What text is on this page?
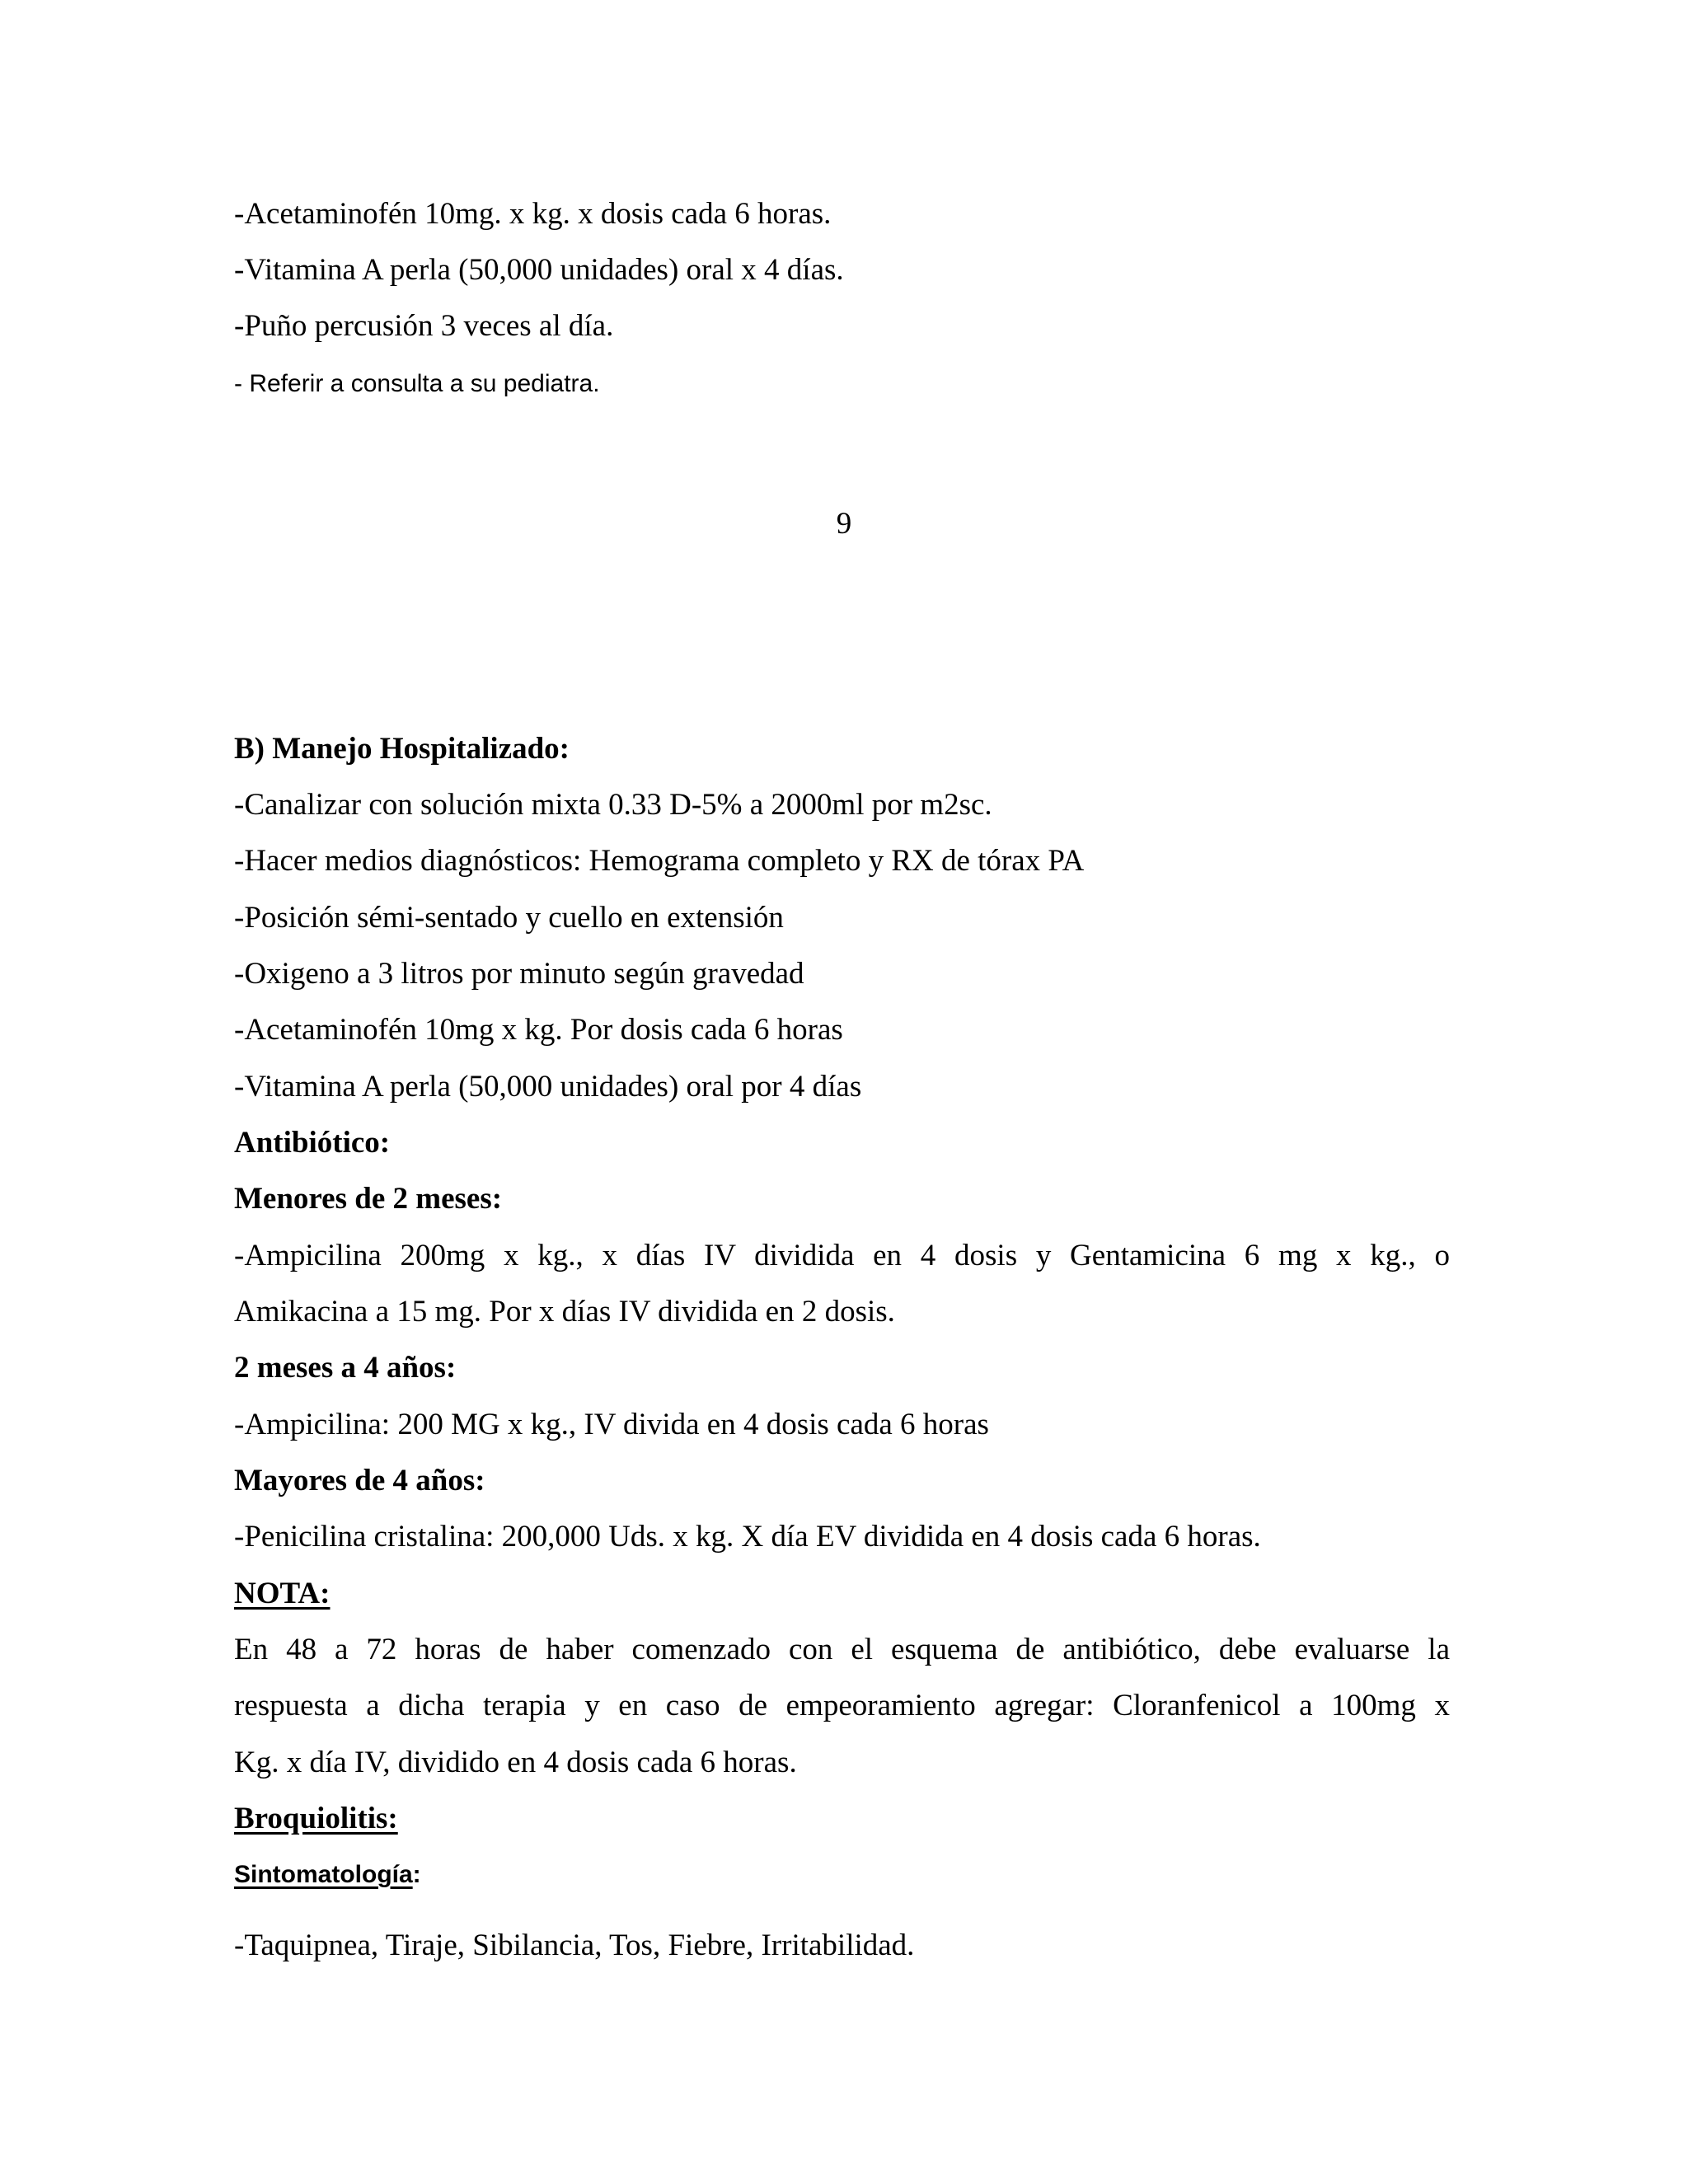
-Acetaminofén 10mg. x kg. x dosis cada 6 horas.

-Vitamina A perla (50,000 unidades) oral x 4 días.

-Puño percusión 3 veces al día.

- Referir a consulta a su pediatra.

9

B) Manejo Hospitalizado:

-Canalizar con solución mixta 0.33 D-5% a 2000ml por m2sc.

-Hacer medios diagnósticos: Hemograma completo y RX de tórax PA

-Posición sémi-sentado y cuello en extensión

-Oxigeno a 3 litros por minuto según gravedad

-Acetaminofén 10mg x kg. Por dosis cada 6 horas

-Vitamina A perla (50,000 unidades) oral por 4 días

Antibiótico:

Menores de 2 meses:

-Ampicilina 200mg x kg., x días IV dividida en 4 dosis y Gentamicina 6 mg x kg., o

Amikacina a 15 mg. Por x días IV dividida en 2 dosis.

2 meses a 4 años:

-Ampicilina: 200 MG x kg., IV divida en 4 dosis cada 6 horas

Mayores de 4 años:

-Penicilina cristalina: 200,000 Uds. x kg. X día EV dividida en 4 dosis cada 6 horas.

NOTA:

En 48 a 72 horas de haber comenzado con el esquema de antibiótico, debe evaluarse la

respuesta a dicha terapia y en caso de empeoramiento agregar: Cloranfenicol a 100mg x

Kg. x día IV, dividido en 4 dosis cada 6 horas.

Broquiolitis:

Sintomatología:

-Taquipnea, Tiraje, Sibilancia, Tos, Fiebre, Irritabilidad.
